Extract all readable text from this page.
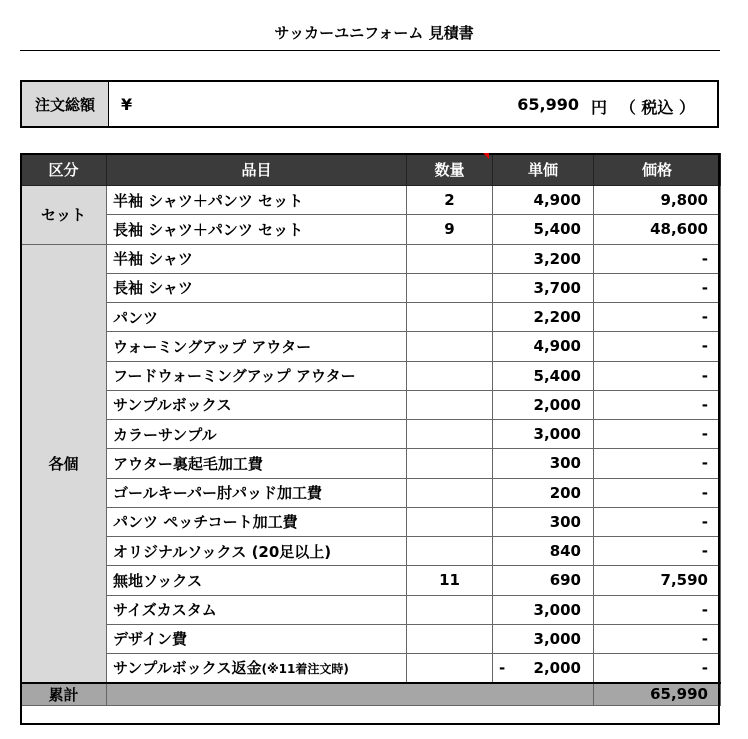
サッカーユニフォーム 見積書
注文総額	¥	65,990 円 （ 税込 ）
区分	品目	数量	単価	価格
セット	半袖 シャツ＋パンツ セット	2	4,900	9,800
	長袖 シャツ＋パンツ セット	9	5,400	48,600
各個	半袖 シャツ		3,200	-
	長袖 シャツ		3,700	-
	パンツ		2,200	-
	ウォーミングアップ アウター		4,900	-
	フードウォーミングアップ アウター		5,400	-
	サンプルボックス		2,000	-
	カラーサンプル		3,000	-
	アウター裏起毛加工費		300	-
	ゴールキーパー肘パッド加工費		200	-
	パンツ ペッチコート加工費		300	-
	オリジナルソックス (20足以上)		840	-
	無地ソックス	11	690	7,590
	サイズカスタム		3,000	-
	デザイン費		3,000	-
	サンプルボックス返金(※11着注文時)		- 2,000	-
累計				65,990
